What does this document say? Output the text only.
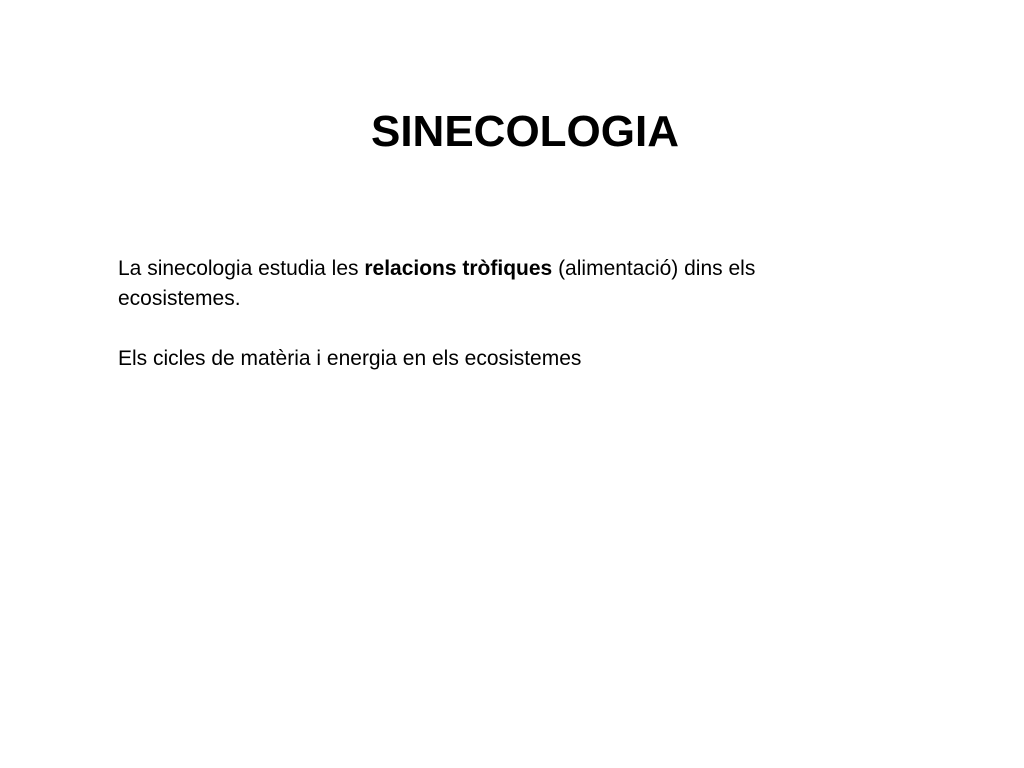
SINECOLOGIA

La sinecologia estudia les relacions tròfiques (alimentació) dins els ecosistemes.

Els cicles de matèria i energia en els ecosistemes
